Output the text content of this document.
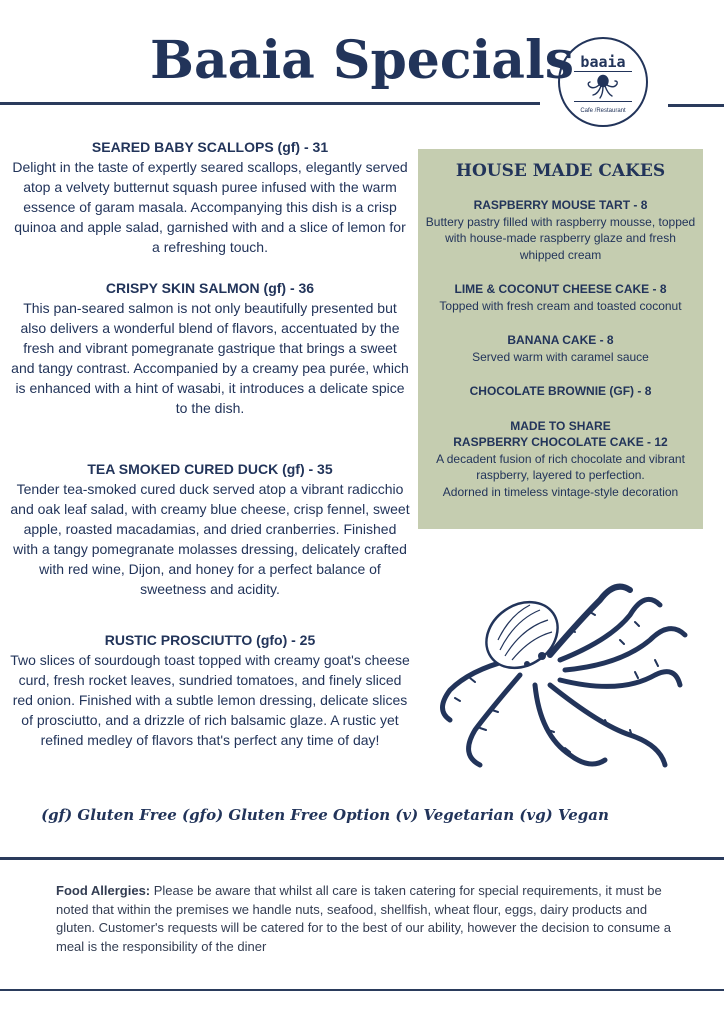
Baaia Specials baaia
Cafe /Restaurant
SEARED BABY SCALLOPS (gf) - 31
Delight in the taste of expertly seared scallops, elegantly served atop a velvety butternut squash puree infused with the warm essence of garam masala. Accompanying this dish is a crisp quinoa and apple salad, garnished with and a slice of lemon for a refreshing touch.
CRISPY SKIN SALMON (gf) - 36
This pan-seared salmon is not only beautifully presented but also delivers a wonderful blend of flavors, accentuated by the fresh and vibrant pomegranate gastrique that brings a sweet and tangy contrast. Accompanied by a creamy pea purée, which is enhanced with a hint of wasabi, it introduces a delicate spice to the dish.
TEA SMOKED CURED DUCK (gf) - 35
Tender tea-smoked cured duck served atop a vibrant radicchio and oak leaf salad, with creamy blue cheese, crisp fennel, sweet apple, roasted macadamias, and dried cranberries. Finished with a tangy pomegranate molasses dressing, delicately crafted with red wine, Dijon, and honey for a perfect balance of sweetness and acidity.
RUSTIC PROSCIUTTO (gfo) - 25
Two slices of sourdough toast topped with creamy goat's cheese curd, fresh rocket leaves, sundried tomatoes, and finely sliced red onion. Finished with a subtle lemon dressing, delicate slices of prosciutto, and a drizzle of rich balsamic glaze. A rustic yet refined medley of flavors that's perfect any time of day!
HOUSE MADE CAKES
RASPBERRY MOUSE TART - 8
Buttery pastry filled with raspberry mousse, topped with house-made raspberry glaze and fresh whipped cream
LIME & COCONUT CHEESE CAKE - 8
Topped with fresh cream and toasted coconut
BANANA CAKE - 8
Served warm with caramel sauce
CHOCOLATE BROWNIE (GF) - 8
MADE TO SHARE
RASPBERRY CHOCOLATE CAKE - 12
A decadent fusion of rich chocolate and vibrant raspberry, layered to perfection.
Adorned in timeless vintage-style decoration
(gf) Gluten Free (gfo) Gluten Free Option (v) Vegetarian (vg) Vegan
Food Allergies: Please be aware that whilst all care is taken catering for special requirements, it must be noted that within the premises we handle nuts, seafood, shellfish, wheat flour, eggs, dairy products and gluten. Customer's requests will be catered for to the best of our ability, however the decision to consume a meal is the responsibility of the diner
